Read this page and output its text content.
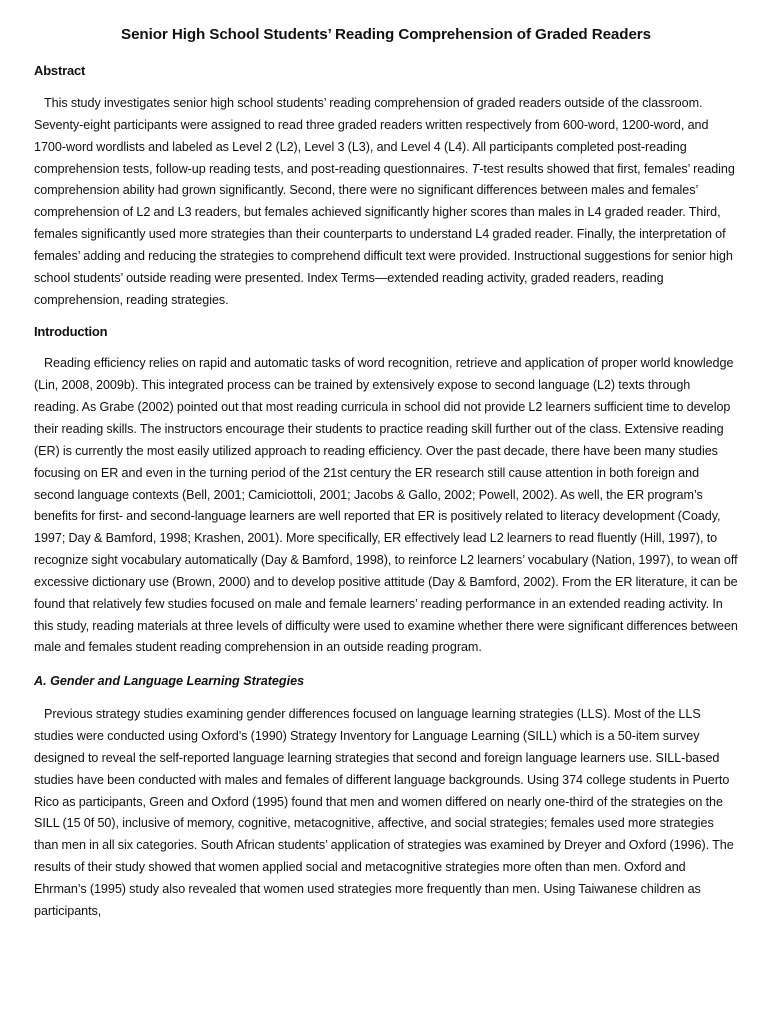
Senior High School Students’ Reading Comprehension of Graded Readers
Abstract

This study investigates senior high school students’ reading comprehension of graded readers outside of the classroom. Seventy-eight participants were assigned to read three graded readers written respectively from 600-word, 1200-word, and 1700-word wordlists and labeled as Level 2 (L2), Level 3 (L3), and Level 4 (L4). All participants completed post-reading comprehension tests, follow-up reading tests, and post-reading questionnaires. T-test results showed that first, females’ reading comprehension ability had grown significantly. Second, there were no significant differences between males and females’ comprehension of L2 and L3 readers, but females achieved significantly higher scores than males in L4 graded reader. Third, females significantly used more strategies than their counterparts to understand L4 graded reader. Finally, the interpretation of females’ adding and reducing the strategies to comprehend difficult text were provided. Instructional suggestions for senior high school students’ outside reading were presented. Index Terms—extended reading activity, graded readers, reading comprehension, reading strategies.

Introduction

Reading efficiency relies on rapid and automatic tasks of word recognition, retrieve and application of proper world knowledge (Lin, 2008, 2009b). This integrated process can be trained by extensively expose to second language (L2) texts through reading. As Grabe (2002) pointed out that most reading curricula in school did not provide L2 learners sufficient time to develop their reading skills. The instructors encourage their students to practice reading skill further out of the class. Extensive reading (ER) is currently the most easily utilized approach to reading efficiency. Over the past decade, there have been many studies focusing on ER and even in the turning period of the 21st century the ER research still cause attention in both foreign and second language contexts (Bell, 2001; Camiciottoli, 2001; Jacobs & Gallo, 2002; Powell, 2002). As well, the ER program’s benefits for first- and second-language learners are well reported that ER is positively related to literacy development (Coady, 1997; Day & Bamford, 1998; Krashen, 2001). More specifically, ER effectively lead L2 learners to read fluently (Hill, 1997), to recognize sight vocabulary automatically (Day & Bamford, 1998), to reinforce L2 learners’ vocabulary (Nation, 1997), to wean off excessive dictionary use (Brown, 2000) and to develop positive attitude (Day & Bamford, 2002). From the ER literature, it can be found that relatively few studies focused on male and female learners’ reading performance in an extended reading activity. In this study, reading materials at three levels of difficulty were used to examine whether there were significant differences between male and females student reading comprehension in an outside reading program.

A. Gender and Language Learning Strategies

Previous strategy studies examining gender differences focused on language learning strategies (LLS). Most of the LLS studies were conducted using Oxford’s (1990) Strategy Inventory for Language Learning (SILL) which is a 50-item survey designed to reveal the self-reported language learning strategies that second and foreign language learners use. SILL-based studies have been conducted with males and females of different language backgrounds. Using 374 college students in Puerto Rico as participants, Green and Oxford (1995) found that men and women differed on nearly one-third of the strategies on the SILL (15 0f 50), inclusive of memory, cognitive, metacognitive, affective, and social strategies; females used more strategies than men in all six categories. South African students’ application of strategies was examined by Dreyer and Oxford (1996). The results of their study showed that women applied social and metacognitive strategies more often than men. Oxford and Ehrman’s (1995) study also revealed that women used strategies more frequently than men. Using Taiwanese children as participants,
